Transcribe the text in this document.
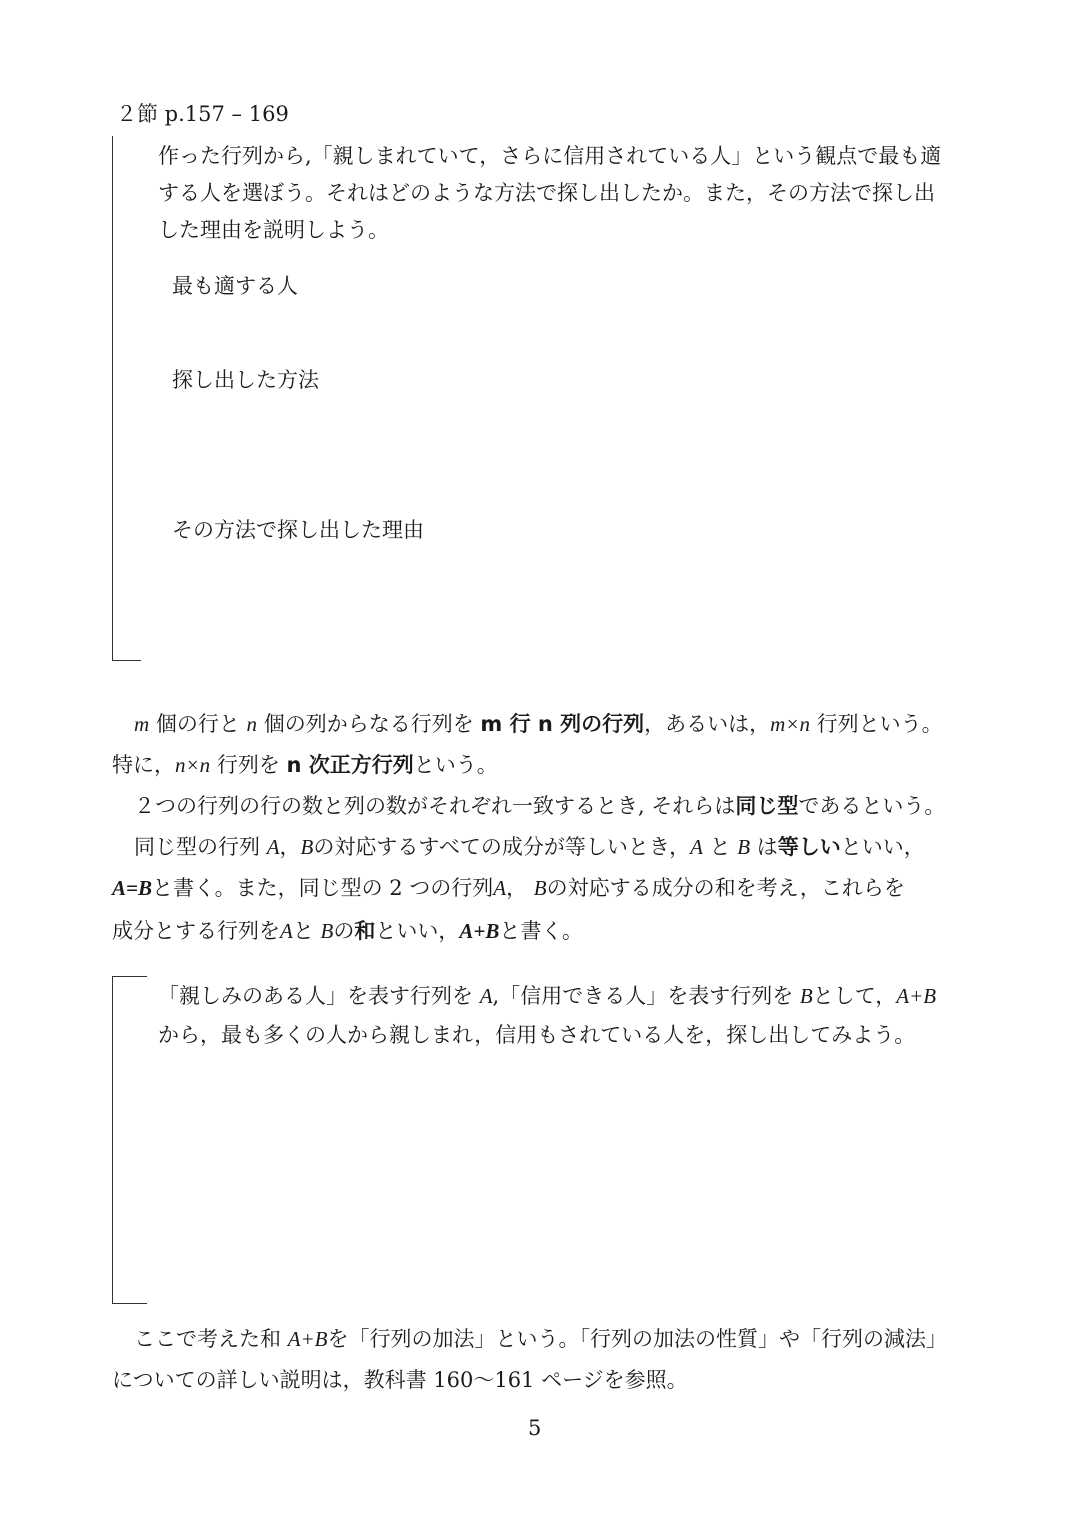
２節 p.157 – 169
作った行列から,「親しまれていて，さらに信用されている人」という観点で最も適
する人を選ぼう。それはどのような方法で探し出したか。また，その方法で探し出
した理由を説明しよう。
最も適する人
探し出した方法
その方法で探し出した理由
m 個の行と n 個の列からなる行列を m 行 n 列の行列，あるいは，m×n 行列という。
特に，n×n 行列を n 次正方行列という。
２つの行列の行の数と列の数がそれぞれ一致するとき, それらは同じ型であるという。
同じ型の行列 A，Bの対応するすべての成分が等しいとき，A と B は等しいといい，
A=Bと書く。また，同じ型の 2 つの行列A， Bの対応する成分の和を考え，これらを
成分とする行列をAと Bの和といい，A+Bと書く。
「親しみのある人」を表す行列を A,「信用できる人」を表す行列を Bとして，A+B
から，最も多くの人から親しまれ，信用もされている人を，探し出してみよう。
ここで考えた和 A+Bを「行列の加法」という。「行列の加法の性質」や「行列の減法」
についての詳しい説明は，教科書 160〜161 ページを参照。
5
